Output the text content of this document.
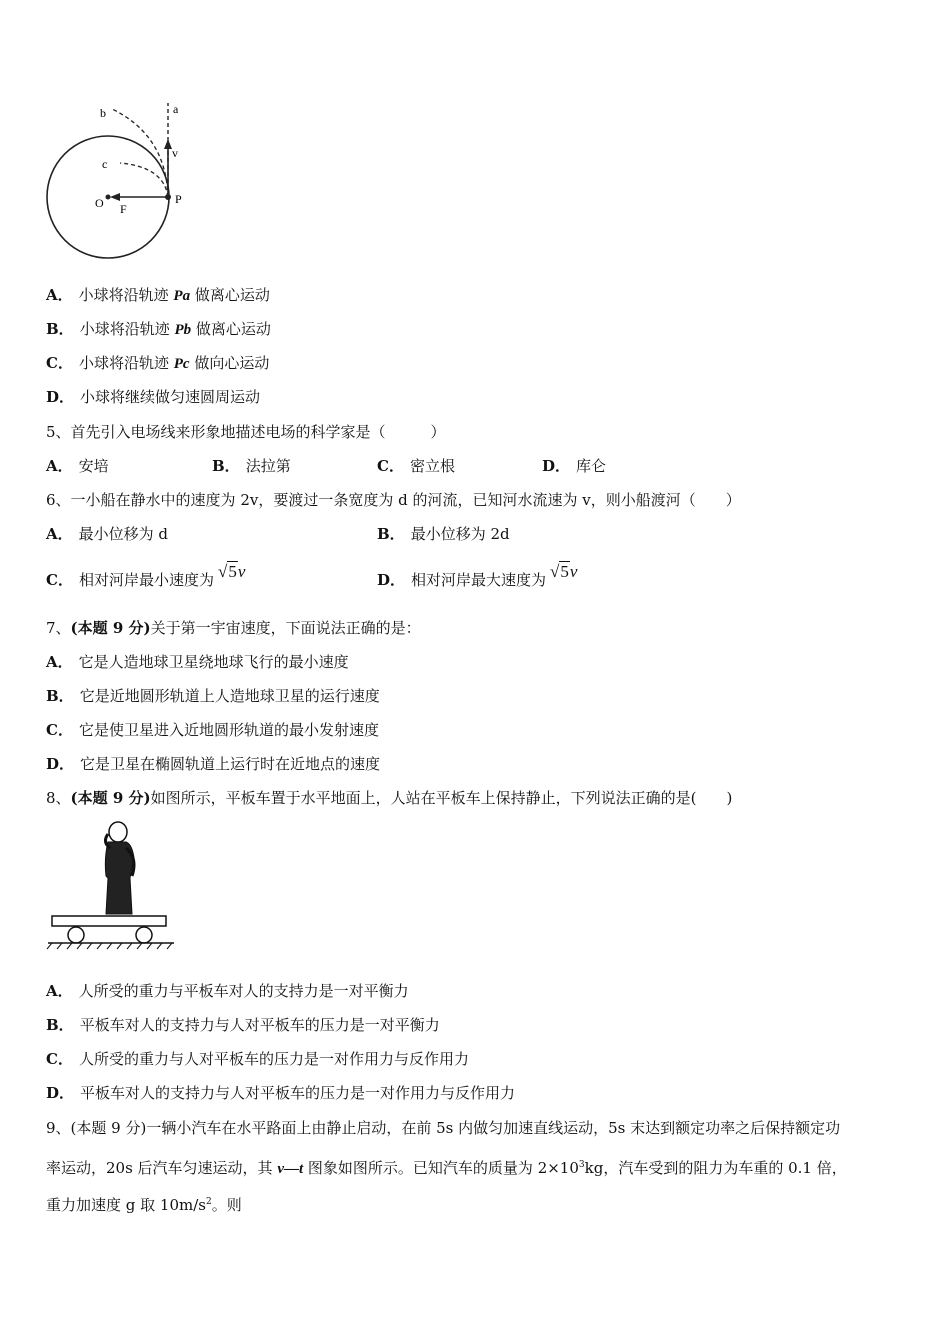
a
b
c
v
O F
P
A． 小球将沿轨迹 Pa 做离心运动
B． 小球将沿轨迹 Pb 做离心运动
C． 小球将沿轨迹 Pc 做向心运动
D． 小球将继续做匀速圆周运动
5、首先引入电场线来形象地描述电场的科学家是（　　　）
A． 安培	B． 法拉第	C． 密立根	D． 库仑
6、一小船在静水中的速度为 2v，要渡过一条宽度为 d 的河流，已知河水流速为 v，则小船渡河（　　）
A． 最小位移为 d	B． 最小位移为 2d
C． 相对河岸最小速度为 √5v	D． 相对河岸最大速度为 √5v
7、(本题 9 分)关于第一宇宙速度，下面说法正确的是：
A． 它是人造地球卫星绕地球飞行的最小速度
B． 它是近地圆形轨道上人造地球卫星的运行速度
C． 它是使卫星进入近地圆形轨道的最小发射速度
D． 它是卫星在椭圆轨道上运行时在近地点的速度
8、(本题 9 分)如图所示，平板车置于水平地面上，人站在平板车上保持静止，下列说法正确的是(　　)
A． 人所受的重力与平板车对人的支持力是一对平衡力
B． 平板车对人的支持力与人对平板车的压力是一对平衡力
C． 人所受的重力与人对平板车的压力是一对作用力与反作用力
D． 平板车对人的支持力与人对平板车的压力是一对作用力与反作用力
9、(本题 9 分)一辆小汽车在水平路面上由静止启动，在前 5s 内做匀加速直线运动，5s 末达到额定功率之后保持额定功
率运动，20s 后汽车匀速运动，其 v—t 图象如图所示。已知汽车的质量为 $2\times 10^3kg$，汽车受到的阻力为车重的 0.1 倍，
重力加速度 g 取 $10m/s^2$。则
